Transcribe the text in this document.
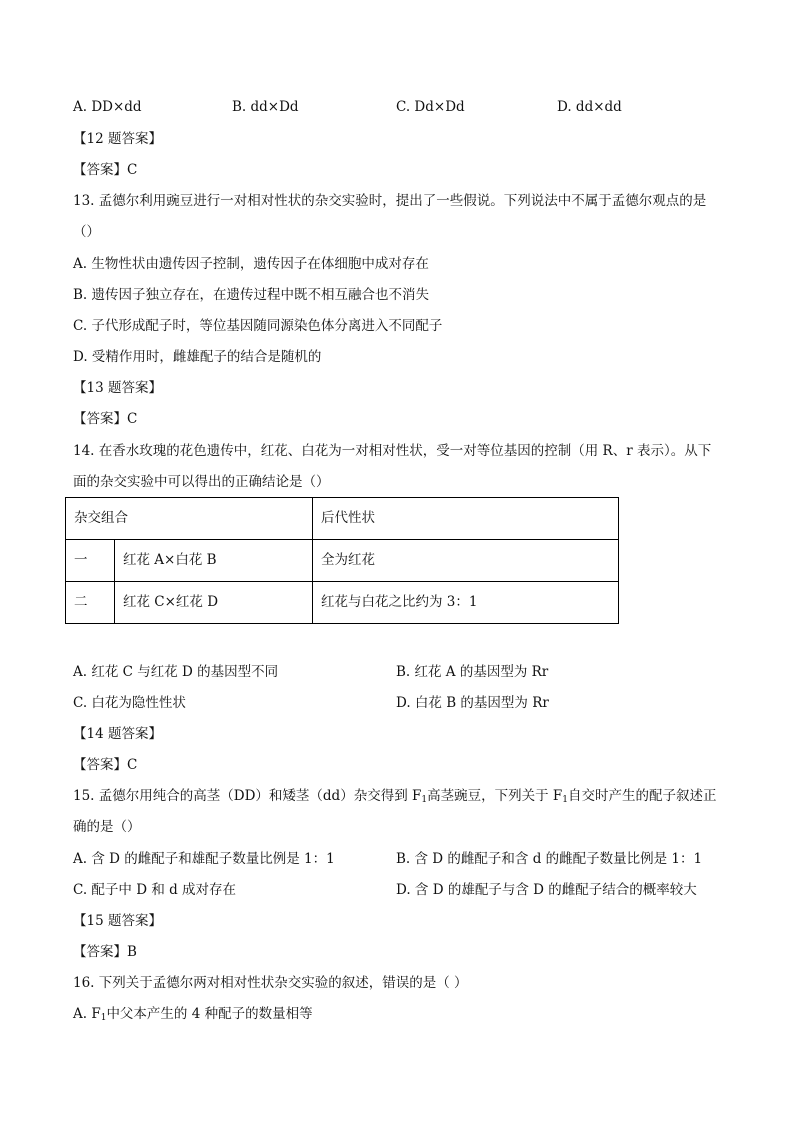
A. DD×dd	B. dd×Dd	C. Dd×Dd	D. dd×dd
【12 题答案】
【答案】C
13. 孟德尔利用豌豆进行一对相对性状的杂交实验时，提出了一些假说。下列说法中不属于孟德尔观点的是
（）
A. 生物性状由遗传因子控制，遗传因子在体细胞中成对存在
B. 遗传因子独立存在，在遗传过程中既不相互融合也不消失
C. 子代形成配子时，等位基因随同源染色体分离进入不同配子
D. 受精作用时，雌雄配子的结合是随机的
【13 题答案】
【答案】C
14. 在香水玫瑰的花色遗传中，红花、白花为一对相对性状，受一对等位基因的控制（用 R、r 表示）。从下
面的杂交实验中可以得出的正确结论是（）
杂交组合		后代性状
一	红花 A×白花 B	全为红花
二	红花 C×红花 D	红花与白花之比约为 3：1
A. 红花 C 与红花 D 的基因型不同	B. 红花 A 的基因型为 Rr
C. 白花为隐性性状	D. 白花 B 的基因型为 Rr
【14 题答案】
【答案】C
15. 孟德尔用纯合的高茎（DD）和矮茎（dd）杂交得到 $F_1$高茎豌豆，下列关于 $F_1$自交时产生的配子叙述正
确的是（）
A. 含 D 的雌配子和雄配子数量比例是 1：1	B. 含 D 的雌配子和含 d 的雌配子数量比例是 1：1
C. 配子中 D 和 d 成对存在	D. 含 D 的雄配子与含 D 的雌配子结合的概率较大
【15 题答案】
【答案】B
16. 下列关于孟德尔两对相对性状杂交实验的叙述，错误的是（ ）
A. $F_1$中父本产生的 4 种配子的数量相等
